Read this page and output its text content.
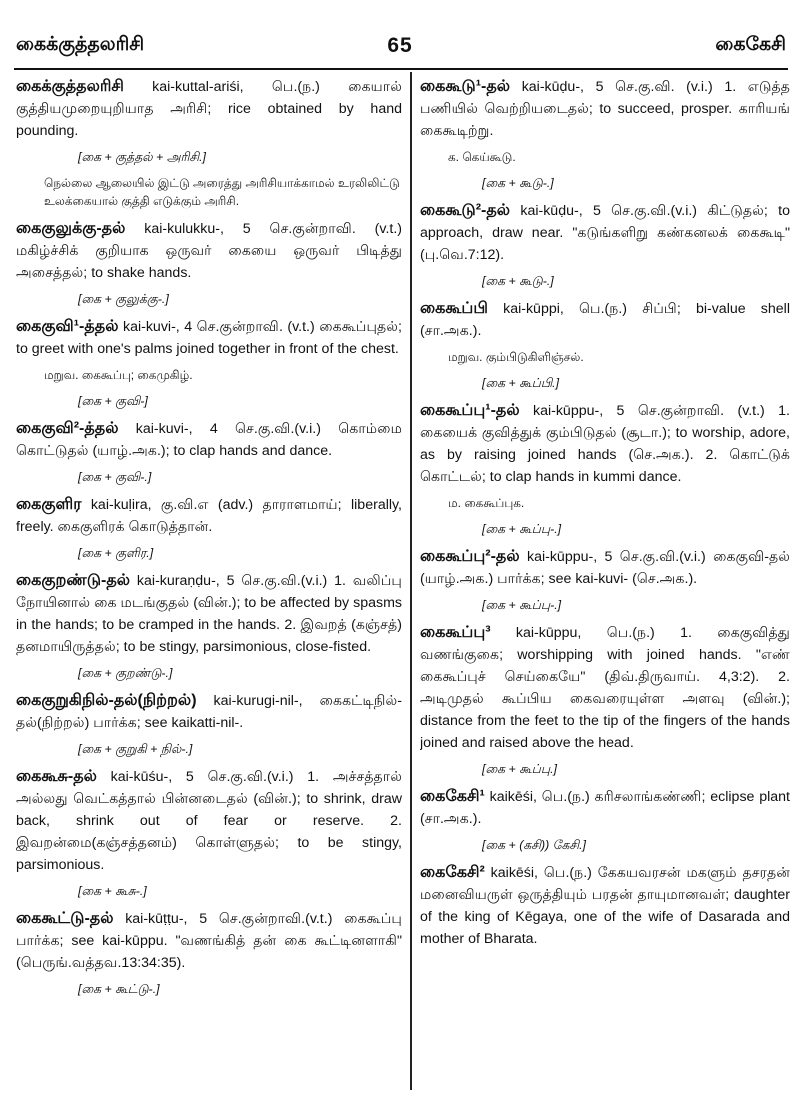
கைக்குத்தலரிசி	65	கைகேசி
கைக்குத்தலரிசி kai-kuttal-ariśi, பெ.(ந.) கையால் குத்தியமுறையுறியாத அரிசி; rice obtained by hand pounding.
[கை + குத்தல் + அரிசி.]
நெல்லை ஆலையில் இட்டு அரைத்து அரிசியாக்காமல் உரலிலிட்டு உலக்கையால் குத்தி எடுக்கும் அரிசி.
கைகுலுக்கு-தல் kai-kulukku-, 5 செ.குன்றாவி. (v.t.) மகிழ்ச்சிக் குறியாக ஒருவர் கையை ஒருவர் பிடித்து அசைத்தல்; to shake hands.
[கை + குலுக்கு-.]
கைகுவி¹-த்தல் kai-kuvi-, 4 செ.குன்றாவி. (v.t.) கைகூப்புதல்; to greet with one's palms joined together in front of the chest.
மறுவ. கைகூப்பு; கைமுகிழ்.
[கை + குவி-]
கைகுவி²-த்தல் kai-kuvi-, 4 செ.கு.வி.(v.i.) கொம்மை கொட்டுதல் (யாழ்.அக.); to clap hands and dance.
[கை + குவி-.]
கைகுளிர kai-kuḷira, கு.வி.எ (adv.) தாராளமாய்; liberally, freely. கைகுளிரக் கொடுத்தான்.
[கை + குளிர.]
கைகுறண்டு-தல் kai-kuraṇḍu-, 5 செ.கு.வி.(v.i.) 1. வலிப்பு நோயினால் கை மடங்குதல் (வின்.); to be affected by spasms in the hands; to be cramped in the hands. 2. இவறத் (கஞ்சத்) தனமாயிருத்தல்; to be stingy, parsimonious, close-fisted.
[கை + குறண்டு-.]
கைகுறுகிநில்-தல்(நிற்றல்) kai-kurugi-nil-, கைகட்டிநில்-தல்(நிற்றல்) பார்க்க; see kaikatti-nil-.
[கை + குறுகி + நில்-.]
கைகூசு-தல் kai-kūśu-, 5 செ.கு.வி.(v.i.) 1. அச்சத்தால் அல்லது வெட்கத்தால் பின்னடைதல் (வின்.); to shrink, draw back, shrink out of fear or reserve. 2. இவறன்மை(கஞ்சத்தனம்) கொள்ளுதல்; to be stingy, parsimonious.
[கை + கூசு-.]
கைகூட்டு-தல் kai-kūṭṭu-, 5 செ.குன்றாவி.(v.t.) கைகூப்பு பார்க்க; see kai-kūppu. "வணங்கித் தன் கை கூட்டினளாகி" (பெருங்.வத்தவ.13:34:35).
[கை + கூட்டு-.]
கைகூடு¹-தல் kai-kūḍu-, 5 செ.கு.வி. (v.i.) 1. எடுத்த பணியில் வெற்றியடைதல்; to succeed, prosper. காரியங் கைகூடிற்று.
க. கெய்கூடு.
[கை + கூடு-.]
கைகூடு²-தல் kai-kūḍu-, 5 செ.கு.வி.(v.i.) கிட்டுதல்; to approach, draw near. "கடுங்களிறு கண்கனலக் கைகூடி" (பு.வெ.7:12).
[கை + கூடு-.]
கைகூப்பி kai-kūppi, பெ.(ந.) சிப்பி; bi-value shell (சா.அக.).
மறுவ. கும்பிடுகிளிஞ்சல்.
[கை + கூப்பி.]
கைகூப்பு¹-தல் kai-kūppu-, 5 செ.குன்றாவி. (v.t.) 1. கையைக் குவித்துக் கும்பிடுதல் (சூடா.); to worship, adore, as by raising joined hands (செ.அக.). 2. கொட்டுக் கொட்டல்; to clap hands in kummi dance.
ம. கைகூப்புக.
[கை + கூப்பு-.]
கைகூப்பு²-தல் kai-kūppu-, 5 செ.கு.வி.(v.i.) கைகுவி-தல் (யாழ்.அக.) பார்க்க; see kai-kuvi- (செ.அக.).
[கை + கூப்பு-.]
கைகூப்பு³ kai-kūppu, பெ.(ந.) 1. கைகுவித்து வணங்குகை; worshipping with joined hands. "எண் கைகூப்புச் செய்கையே" (திவ்.திருவாய். 4,3:2). 2. அடிமுதல் கூப்பிய கைவரையுள்ள அளவு (வின்.); distance from the feet to the tip of the fingers of the hands joined and raised above the head.
[கை + கூப்பு.]
கைகேசி¹ kaikēśi, பெ.(ந.) கரிசலாங்கண்ணி; eclipse plant (சா.அக.).
[கை + (கசி)) கேசி.]
கைகேசி² kaikēśi, பெ.(ந.) கேகயவரசன் மகளும் தசரதன் மனைவியருள் ஒருத்தியும் பரதன் தாயுமானவள்; daughter of the king of Kēgaya, one of the wife of Dasarada and mother of Bharata.
